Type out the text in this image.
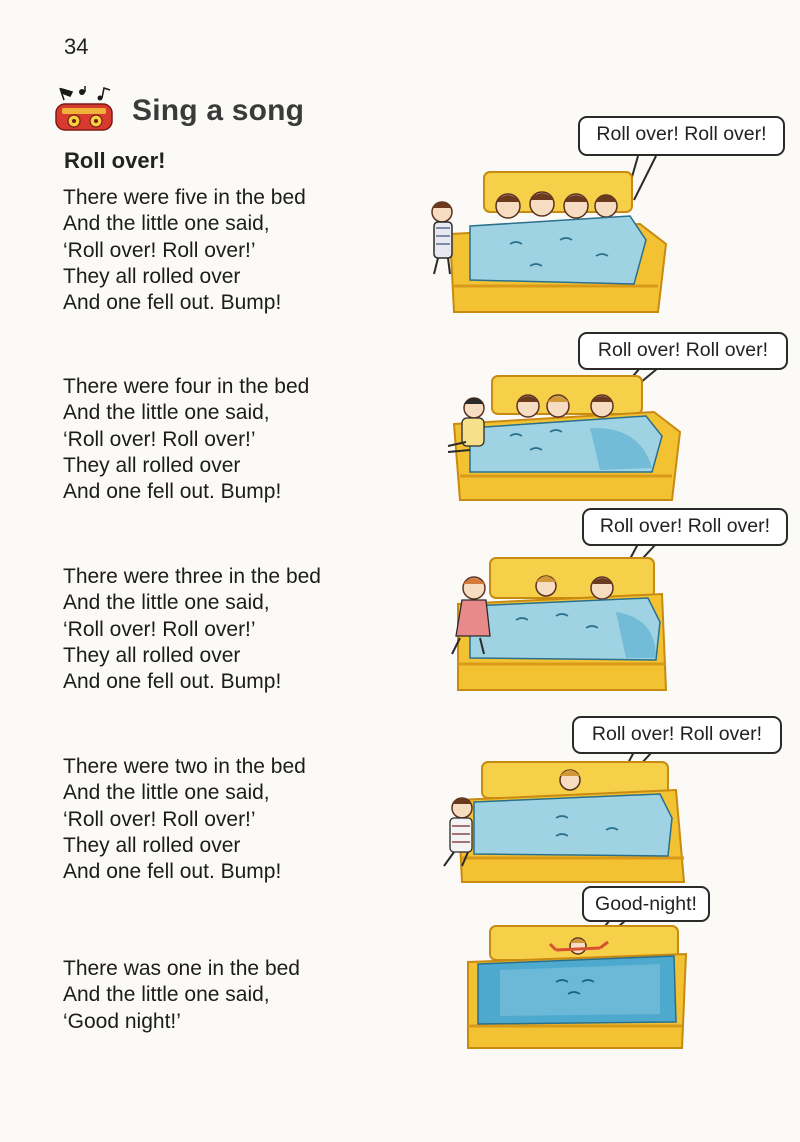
34
Sing a song
Roll over!
There were five in the bed
And the little one said,
‘Roll over! Roll over!’
They all rolled over
And one fell out. Bump!
There were four in the bed
And the little one said,
‘Roll over! Roll over!’
They all rolled over
And one fell out. Bump!
There were three in the bed
And the little one said,
‘Roll over! Roll over!’
They all rolled over
And one fell out. Bump!
There were two in the bed
And the little one said,
‘Roll over! Roll over!’
They all rolled over
And one fell out. Bump!
There was one in the bed
And the little one said,
‘Good night!’
Roll over! Roll over!
Roll over! Roll over!
Roll over! Roll over!
Roll over! Roll over!
Good-night!
